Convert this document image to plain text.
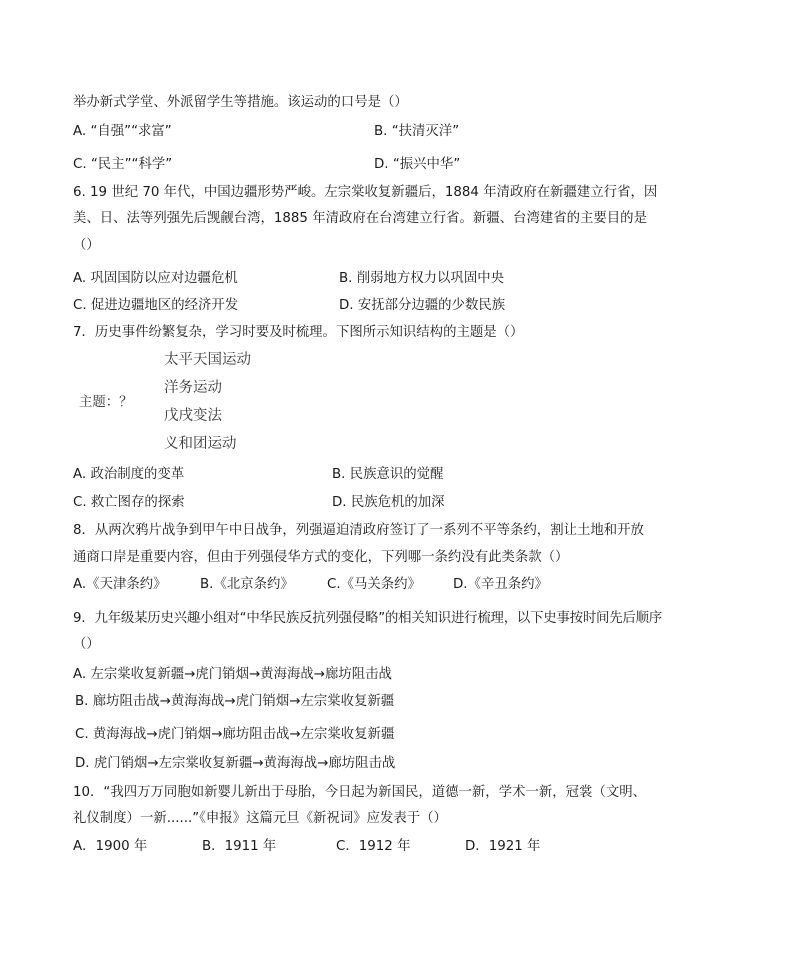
举办新式学堂、外派留学生等措施。该运动的口号是（）
A. “自强”“求富”	B. “扶清灭洋”
C. “民主”“科学”	D. “振兴中华”
6. 19 世纪 70 年代，中国边疆形势严峻。左宗棠收复新疆后，1884 年清政府在新疆建立行省，因
美、日、法等列强先后觊觎台湾，1885 年清政府在台湾建立行省。新疆、台湾建省的主要目的是
（）
A. 巩固国防以应对边疆危机	B. 削弱地方权力以巩固中央
C. 促进边疆地区的经济开发	D. 安抚部分边疆的少数民族
7．历史事件纷繁复杂，学习时要及时梳理。下图所示知识结构的主题是（）
主题：？
太平天国运动
洋务运动
戊戌变法
义和团运动
A. 政治制度的变革	B. 民族意识的觉醒
C. 救亡图存的探索	D. 民族危机的加深
8．从两次鸦片战争到甲午中日战争，列强逼迫清政府签订了一系列不平等条约，割让土地和开放
通商口岸是重要内容，但由于列强侵华方式的变化，下列哪一条约没有此类条款（）
A.《天津条约》 B.《北京条约》 C.《马关条约》 D.《辛丑条约》
9．九年级某历史兴趣小组对“中华民族反抗列强侵略”的相关知识进行梳理，以下史事按时间先后顺序
（）
A. 左宗棠收复新疆→虎门销烟→黄海海战→廊坊阻击战
B. 廊坊阻击战→黄海海战→虎门销烟→左宗棠收复新疆
C. 黄海海战→虎门销烟→廊坊阻击战→左宗棠收复新疆
D. 虎门销烟→左宗棠收复新疆→黄海海战→廊坊阻击战
10．“我四万万同胞如新婴儿新出于母胎，今日起为新国民，道德一新，学术一新，冠裳（文明、
礼仪制度）一新......”《申报》这篇元旦《新祝词》应发表于（）
A．1900 年	B．1911 年	C．1912 年	D．1921 年
